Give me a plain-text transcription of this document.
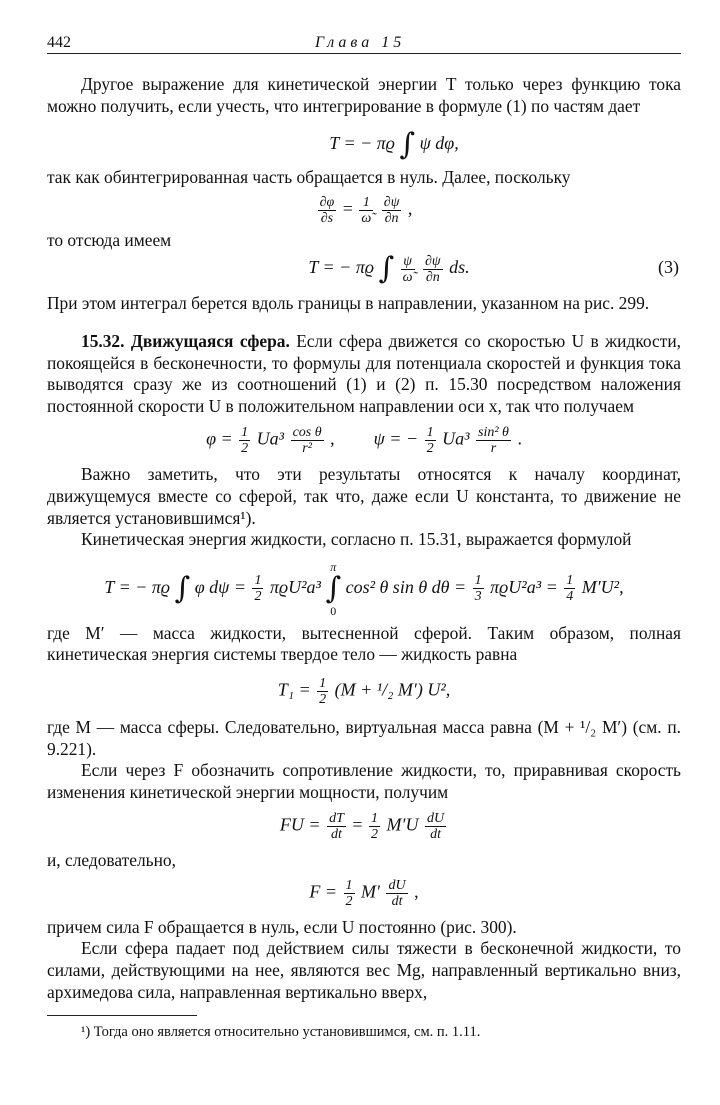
442	Глава 15

Другое выражение для кинетической энергии T только через функцию тока можно получить, если учесть, что интегрирование в формуле (1) по частям дает

T = − πϱ ∫ ψ dφ,

так как обинтегрированная часть обращается в нуль. Далее, поскольку

$\frac{\partial\varphi}{\partial s} = \frac{1}{\omegã}$
$\frac{\partial\psi}{\partial n}$ ,

то отсюда имеем

T = − πϱ ∫ $\frac{\psi}{\omegã}$
$\frac{\partial\psi}{\partial n}$ ds.	(3)

При этом интеграл берется вдоль границы в направлении, указанном на рис. 299.

15.32. Движущаяся сфера. Если сфера движется со скоростью U в жидкости, покоящейся в бесконечности, то формулы для потенциала скоростей и функция тока выводятся сразу же из соотношений (1) и (2) п. 15.30 посредством наложения постоянной скорости U в положительном направлении оси x, так что получаем

$\varphi = \frac{1}{2} Ua^3 \frac{\text{cos θ}}{\text{r²}}$ , ψ = − $\frac{1}{2} Ua^3 \frac{\text{sin² θ}}{r}$ .

Важно заметить, что эти результаты относятся к началу координат, движущемуся вместе со сферой, так что, даже если U константа, то движение не является установившимся¹).

Кинетическая энергия жидкости, согласно п. 15.31, выражается формулой

T = − πϱ ∫ φ $d\psi = \frac{1}{2} \pi ϱU^2a^3$ π
∫
0 cos² θ sin θ $d\theta = \frac{1}{3} \pi ϱU^2a^3 = \frac{1}{4} M'U^2$,

где M′ — масса жидкости, вытесненной сферой. Таким образом, полная кинетическая энергия системы твердое тело — жидкость равна

$T_1 = \frac{1}{2} (M + ^1/_2$ M′) U²,

где M — масса сферы. Следовательно, виртуальная масса равна (M + ¹/₂ M′) (см. п. 9.221).

Если через F обозначить сопротивление жидкости, то, приравнивая скорость изменения кинетической энергии мощности, получим

FU = $\frac{dT}{dt} = \frac{1}{2} M'U \frac{dU}{dt}$

и, следовательно,

$F = \frac{1}{2} M' \frac{dU}{dt}$ ,

причем сила F обращается в нуль, если U постоянно (рис. 300).

Если сфера падает под действием силы тяжести в бесконечной жидкости, то силами, действующими на нее, являются вес Mg, направленный вертикально вниз, архимедова сила, направленная вертикально вверх,

¹) Тогда оно является относительно установившимся, см. п. 1.11.
